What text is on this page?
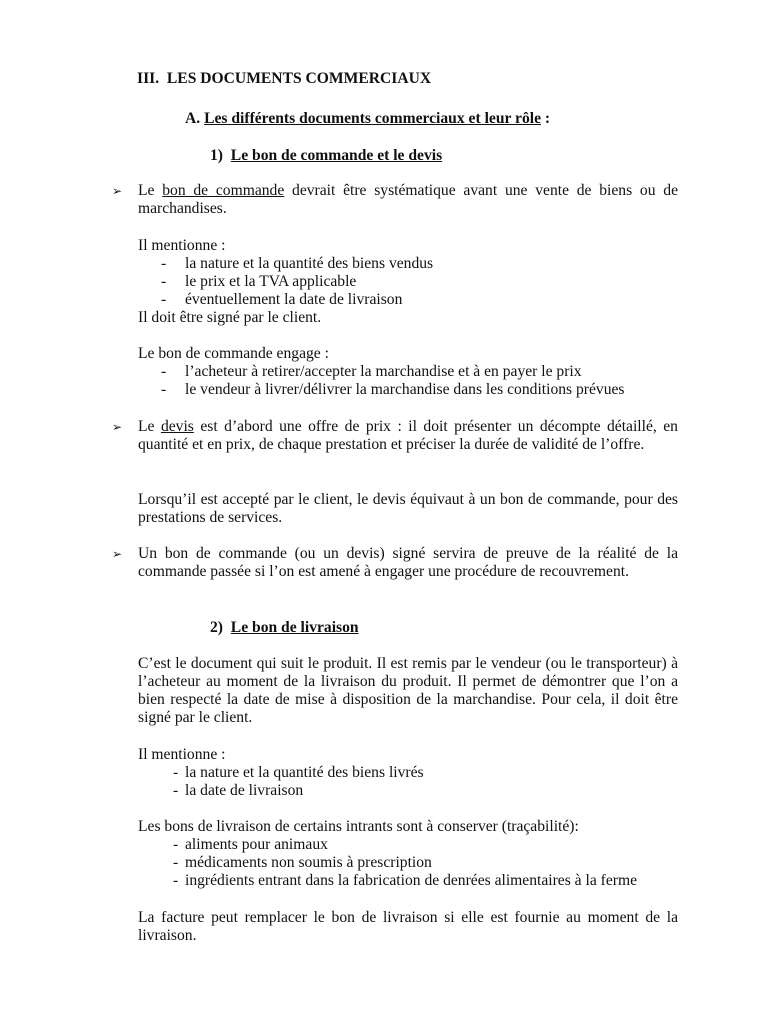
III. LES DOCUMENTS COMMERCIAUX
A. Les différents documents commerciaux et leur rôle :
1) Le bon de commande et le devis
➢ Le bon de commande devrait être systématique avant une vente de biens ou de marchandises.
Il mentionne :
- la nature et la quantité des biens vendus
- le prix et la TVA applicable
- éventuellement la date de livraison
Il doit être signé par le client.
Le bon de commande engage :
- l’acheteur à retirer/accepter la marchandise et à en payer le prix
- le vendeur à livrer/délivrer la marchandise dans les conditions prévues
➢ Le devis est d’abord une offre de prix : il doit présenter un décompte détaillé, en quantité et en prix, de chaque prestation et préciser la durée de validité de l’offre.
Lorsqu’il est accepté par le client, le devis équivaut à un bon de commande, pour des prestations de services.
➢ Un bon de commande (ou un devis) signé servira de preuve de la réalité de la commande passée si l’on est amené à engager une procédure de recouvrement.
2) Le bon de livraison
C’est le document qui suit le produit. Il est remis par le vendeur (ou le transporteur) à l’acheteur au moment de la livraison du produit. Il permet de démontrer que l’on a bien respecté la date de mise à disposition de la marchandise. Pour cela, il doit être signé par le client.
Il mentionne :
- la nature et la quantité des biens livrés
- la date de livraison
Les bons de livraison de certains intrants sont à conserver (traçabilité):
- aliments pour animaux
- médicaments non soumis à prescription
- ingrédients entrant dans la fabrication de denrées alimentaires à la ferme
La facture peut remplacer le bon de livraison si elle est fournie au moment de la livraison.
